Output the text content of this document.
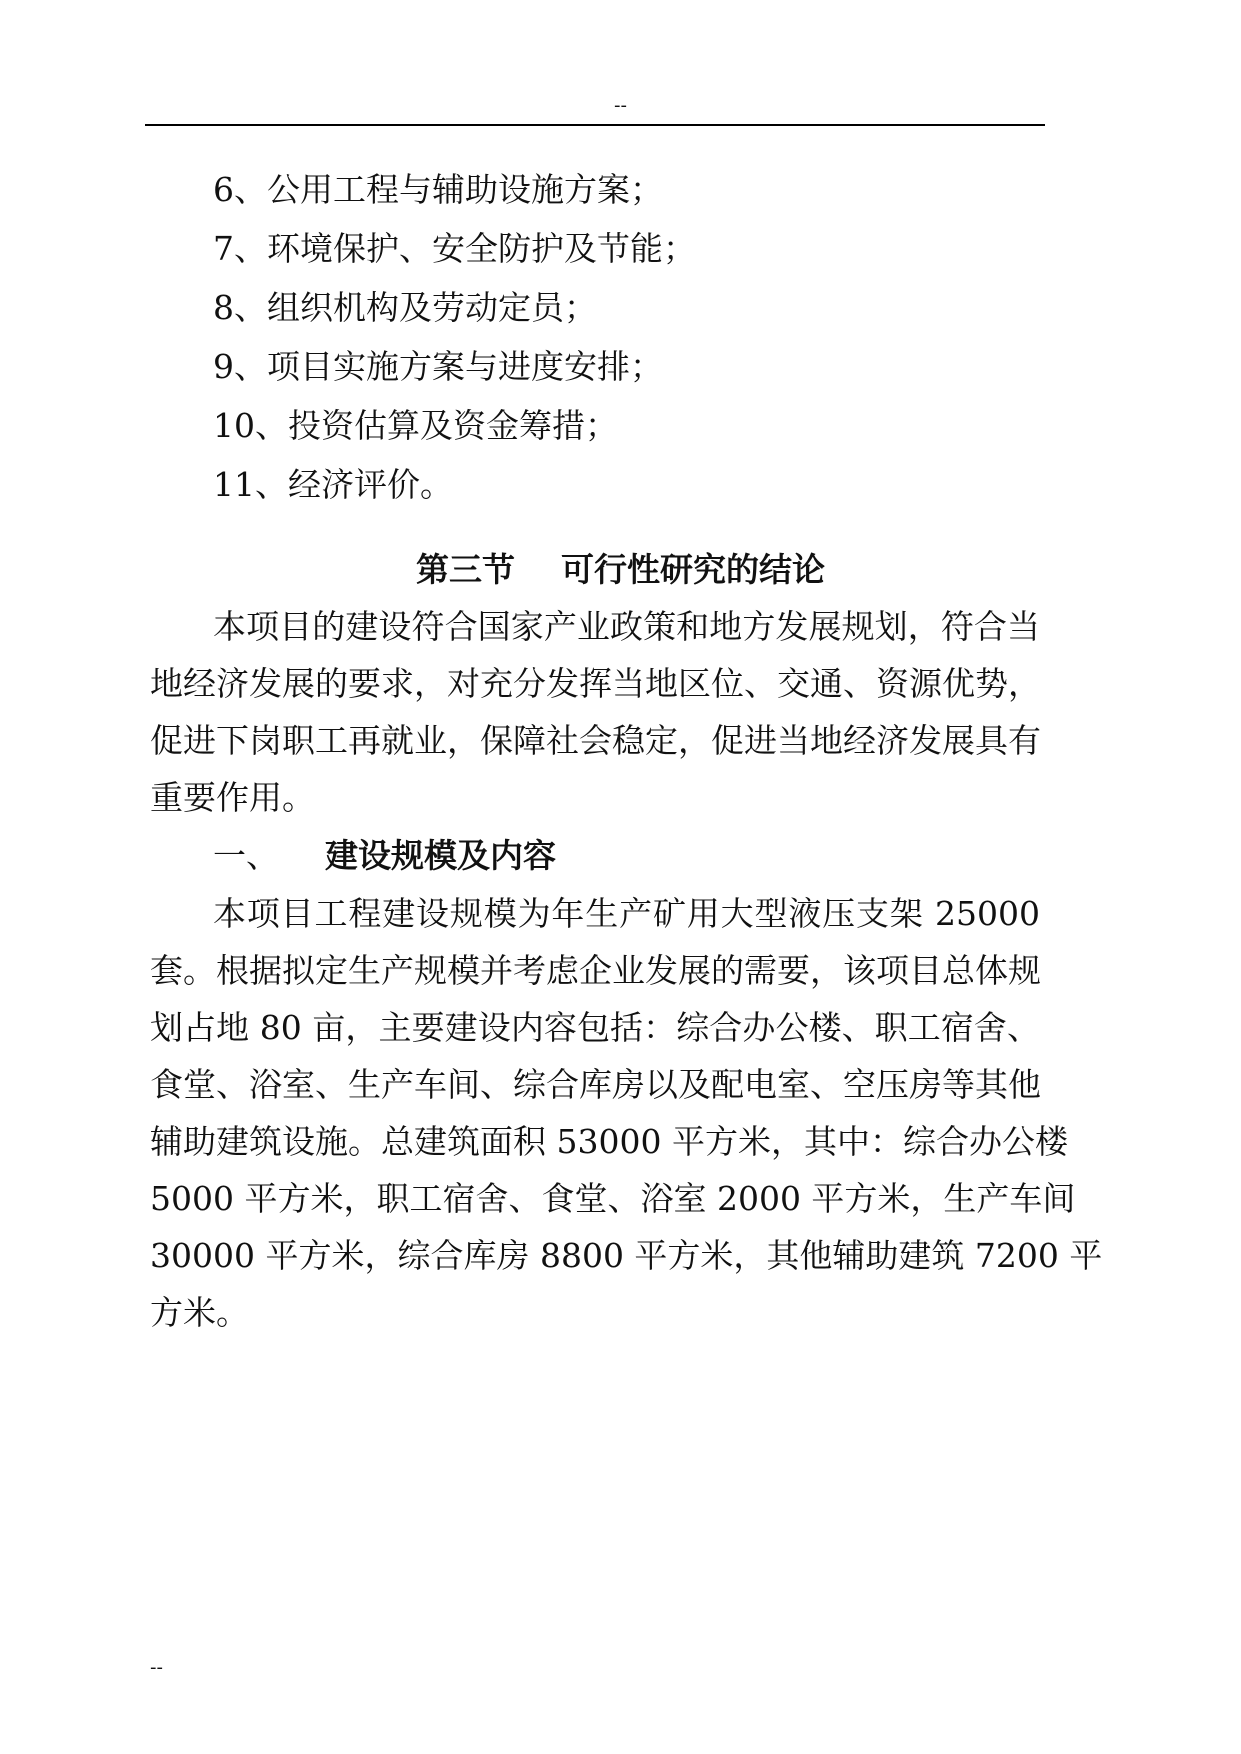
--
6、公用工程与辅助设施方案；
7、环境保护、安全防护及节能；
8、组织机构及劳动定员；
9、项目实施方案与进度安排；
10、投资估算及资金筹措；
11、经济评价。
第三节    可行性研究的结论
本项目的建设符合国家产业政策和地方发展规划，符合当
地经济发展的要求，对充分发挥当地区位、交通、资源优势，
促进下岗职工再就业，保障社会稳定，促进当地经济发展具有
重要作用。
一、 建设规模及内容
本项目工程建设规模为年生产矿用大型液压支架 25000
套。根据拟定生产规模并考虑企业发展的需要，该项目总体规
划占地 80 亩，主要建设内容包括：综合办公楼、职工宿舍、
食堂、浴室、生产车间、综合库房以及配电室、空压房等其他
辅助建筑设施。总建筑面积 53000 平方米，其中：综合办公楼
5000 平方米，职工宿舍、食堂、浴室 2000 平方米，生产车间
30000 平方米，综合库房 8800 平方米，其他辅助建筑 7200 平
方米。
--
